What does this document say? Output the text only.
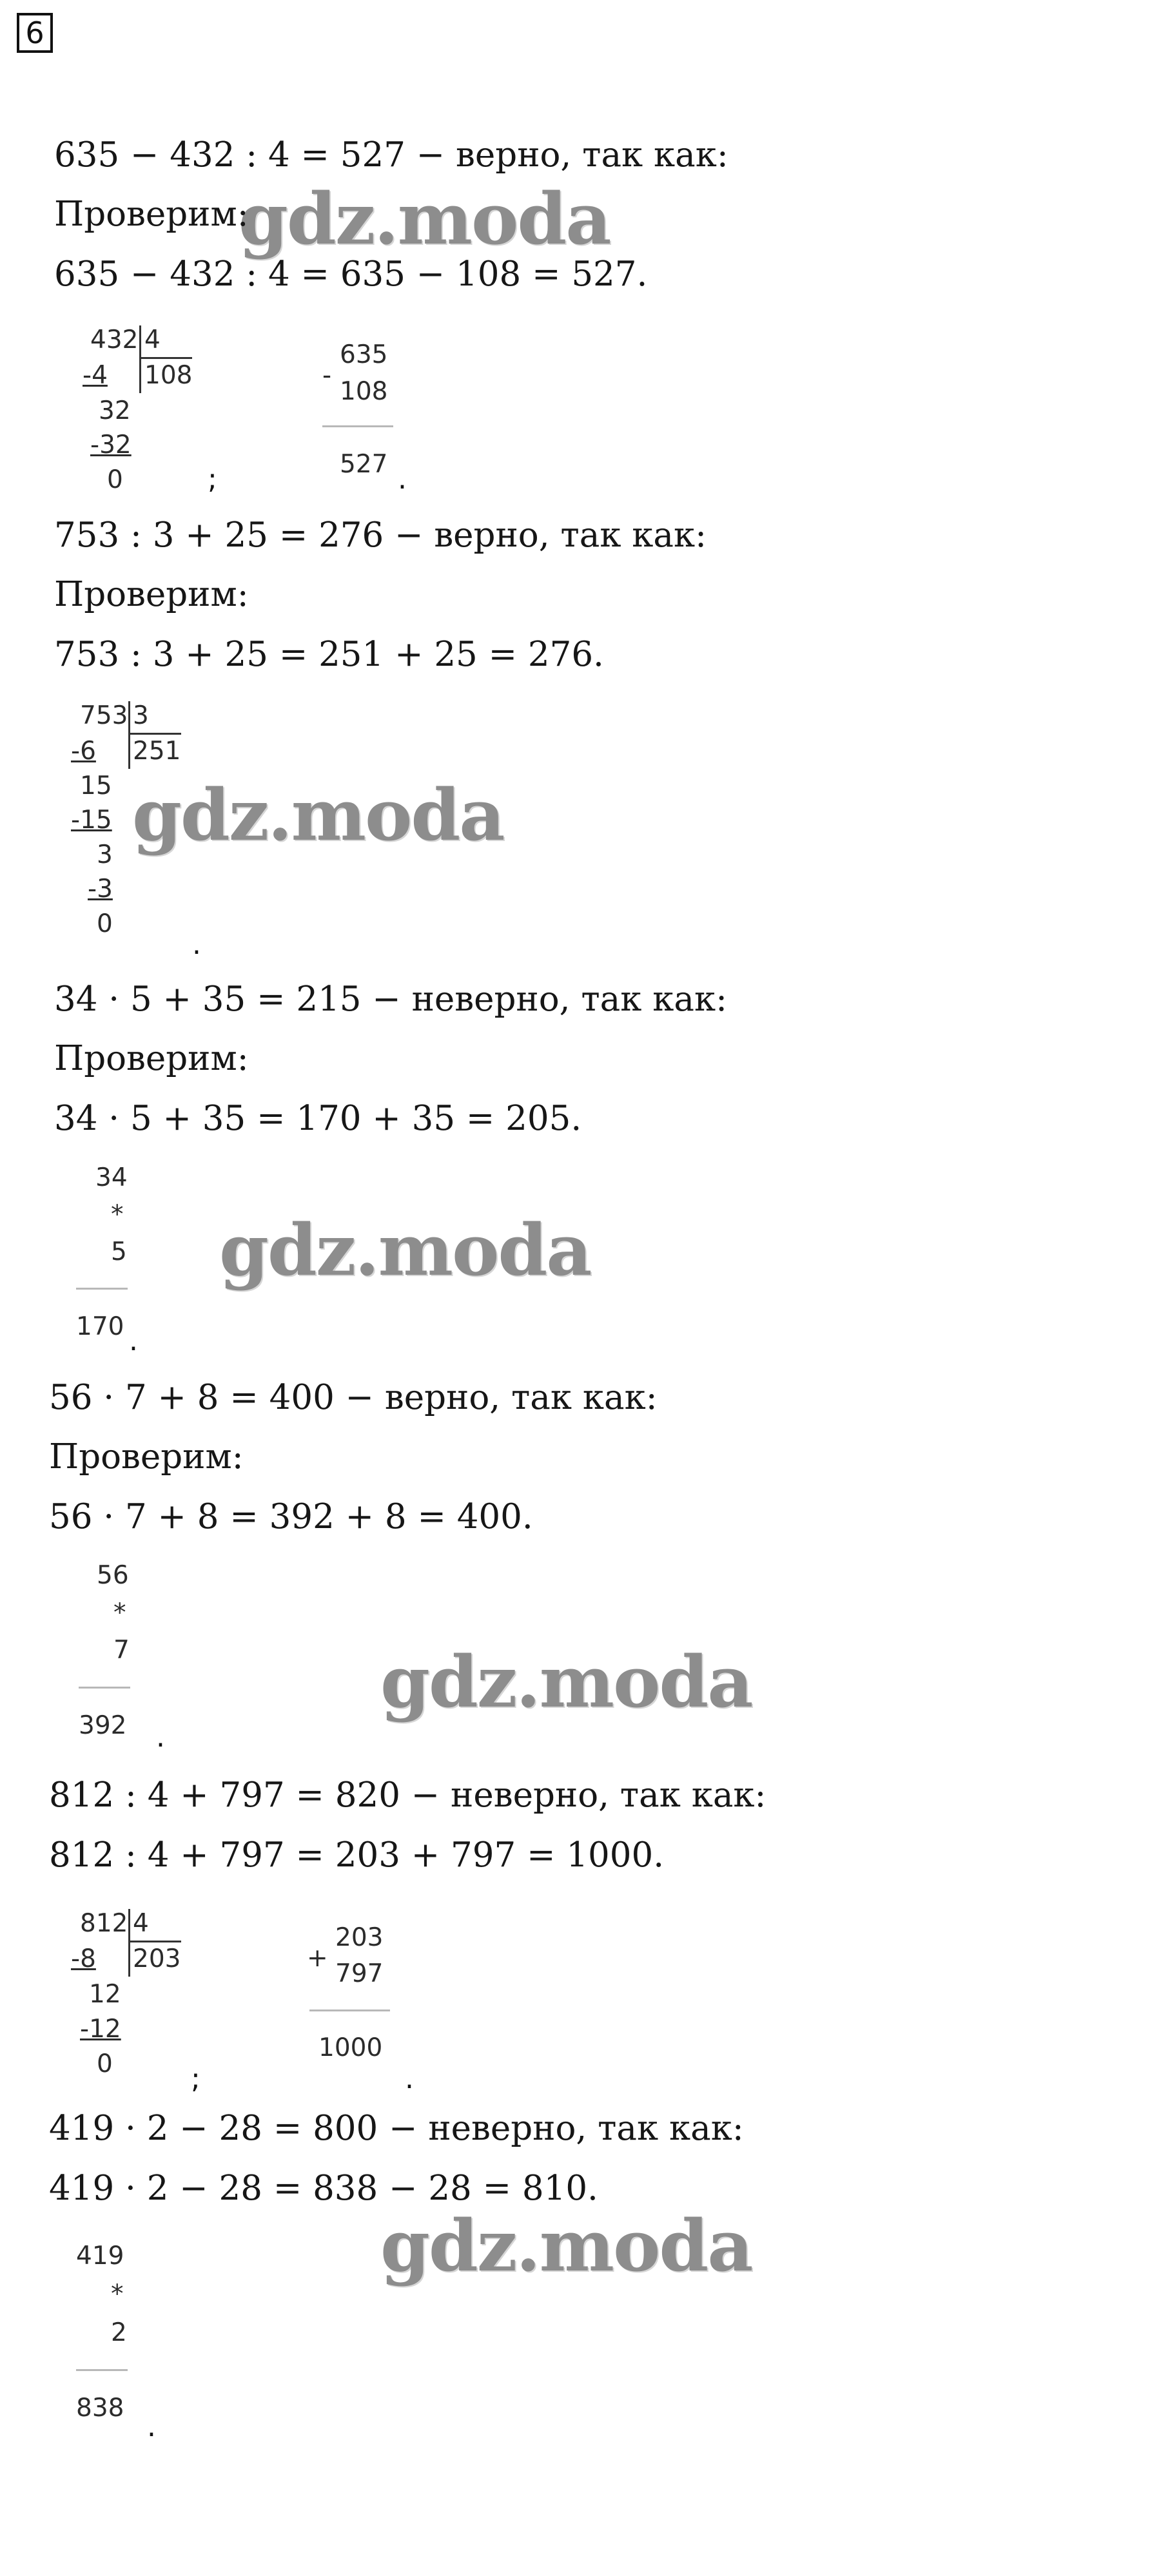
6
gdz.moda
gdz.moda
gdz.moda
gdz.moda
gdz.moda
635 − 432 : 4 = 527 − верно, так как:
Проверим:
635 − 432 : 4 = 635 − 108 = 527.
432 4
108
-4
32
-32
0	;
-
635
108
527 .
753 : 3 + 25 = 276 − верно, так как:
Проверим:
753 : 3 + 25 = 251 + 25 = 276.
753 3
251
-6
15
-15
3
-3
0
.
34 · 5 + 35 = 215 − неверно, так как:
Проверим:
34 · 5 + 35 = 170 + 35 = 205.
34
*
5
170 .
56 · 7 + 8 = 400 − верно, так как:
Проверим:
56 · 7 + 8 = 392 + 8 = 400.
56
*
7
392 .
812 : 4 + 797 = 820 − неверно, так как:
812 : 4 + 797 = 203 + 797 = 1000.
812 4
203
-8
12
-12
0	;
+
203
797
1000
.
419 · 2 − 28 = 800 − неверно, так как:
419 · 2 − 28 = 838 − 28 = 810.
419
*
2
838
.
